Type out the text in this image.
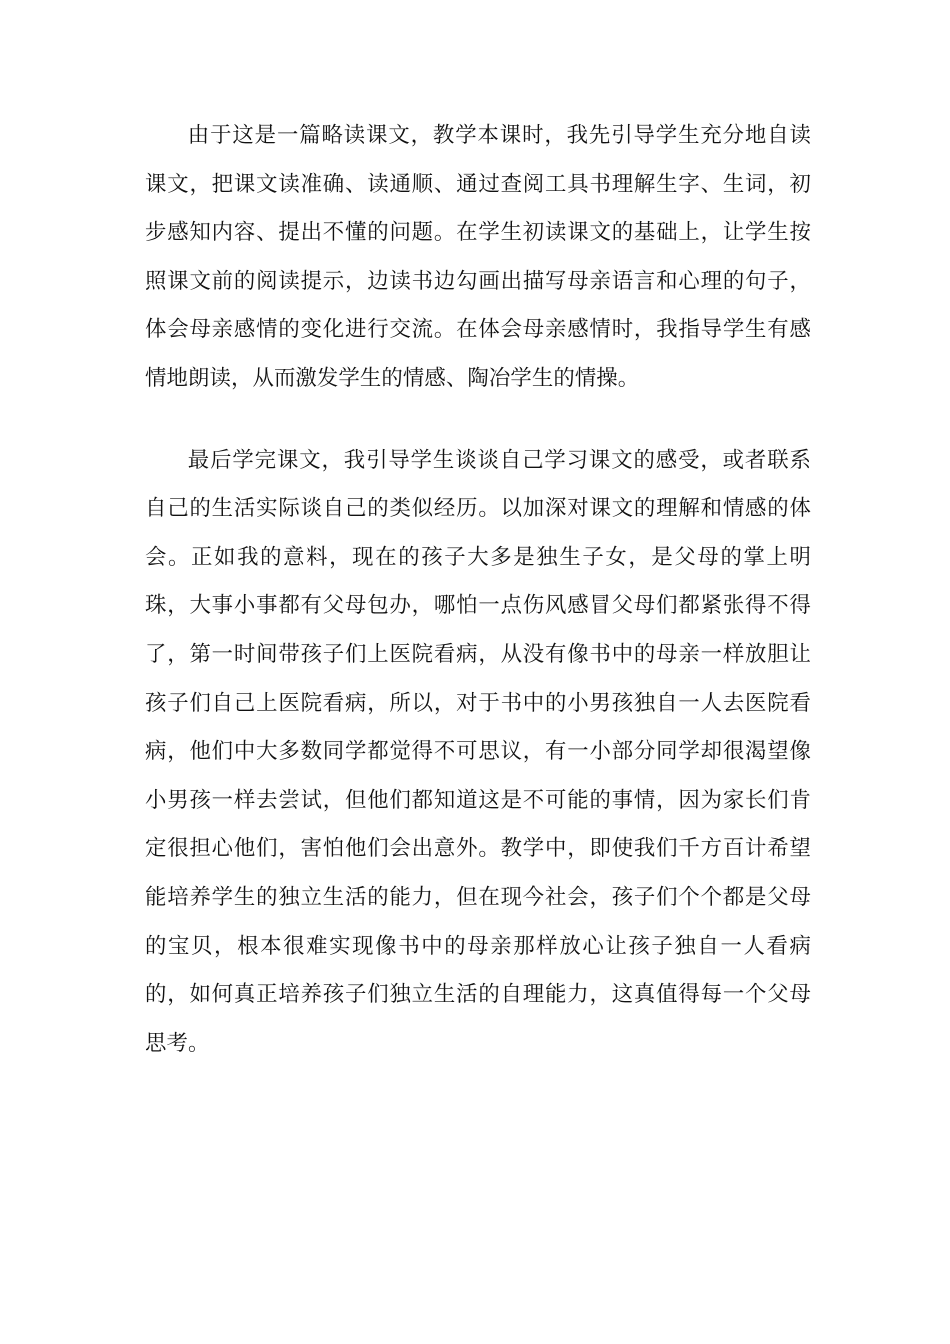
由于这是一篇略读课文，教学本课时，我先引导学生充分地自读课文，把课文读准确、读通顺、通过查阅工具书理解生字、生词，初步感知内容、提出不懂的问题。在学生初读课文的基础上，让学生按照课文前的阅读提示，边读书边勾画出描写母亲语言和心理的句子，体会母亲感情的变化进行交流。在体会母亲感情时，我指导学生有感情地朗读，从而激发学生的情感、陶冶学生的情操。

最后学完课文，我引导学生谈谈自己学习课文的感受，或者联系自己的生活实际谈自己的类似经历。以加深对课文的理解和情感的体会。正如我的意料，现在的孩子大多是独生子女，是父母的掌上明珠，大事小事都有父母包办，哪怕一点伤风感冒父母们都紧张得不得了，第一时间带孩子们上医院看病，从没有像书中的母亲一样放胆让孩子们自己上医院看病，所以，对于书中的小男孩独自一人去医院看病，他们中大多数同学都觉得不可思议，有一小部分同学却很渴望像小男孩一样去尝试，但他们都知道这是不可能的事情，因为家长们肯定很担心他们，害怕他们会出意外。教学中，即使我们千方百计希望能培养学生的独立生活的能力，但在现今社会，孩子们个个都是父母的宝贝，根本很难实现像书中的母亲那样放心让孩子独自一人看病的，如何真正培养孩子们独立生活的自理能力，这真值得每一个父母思考。
